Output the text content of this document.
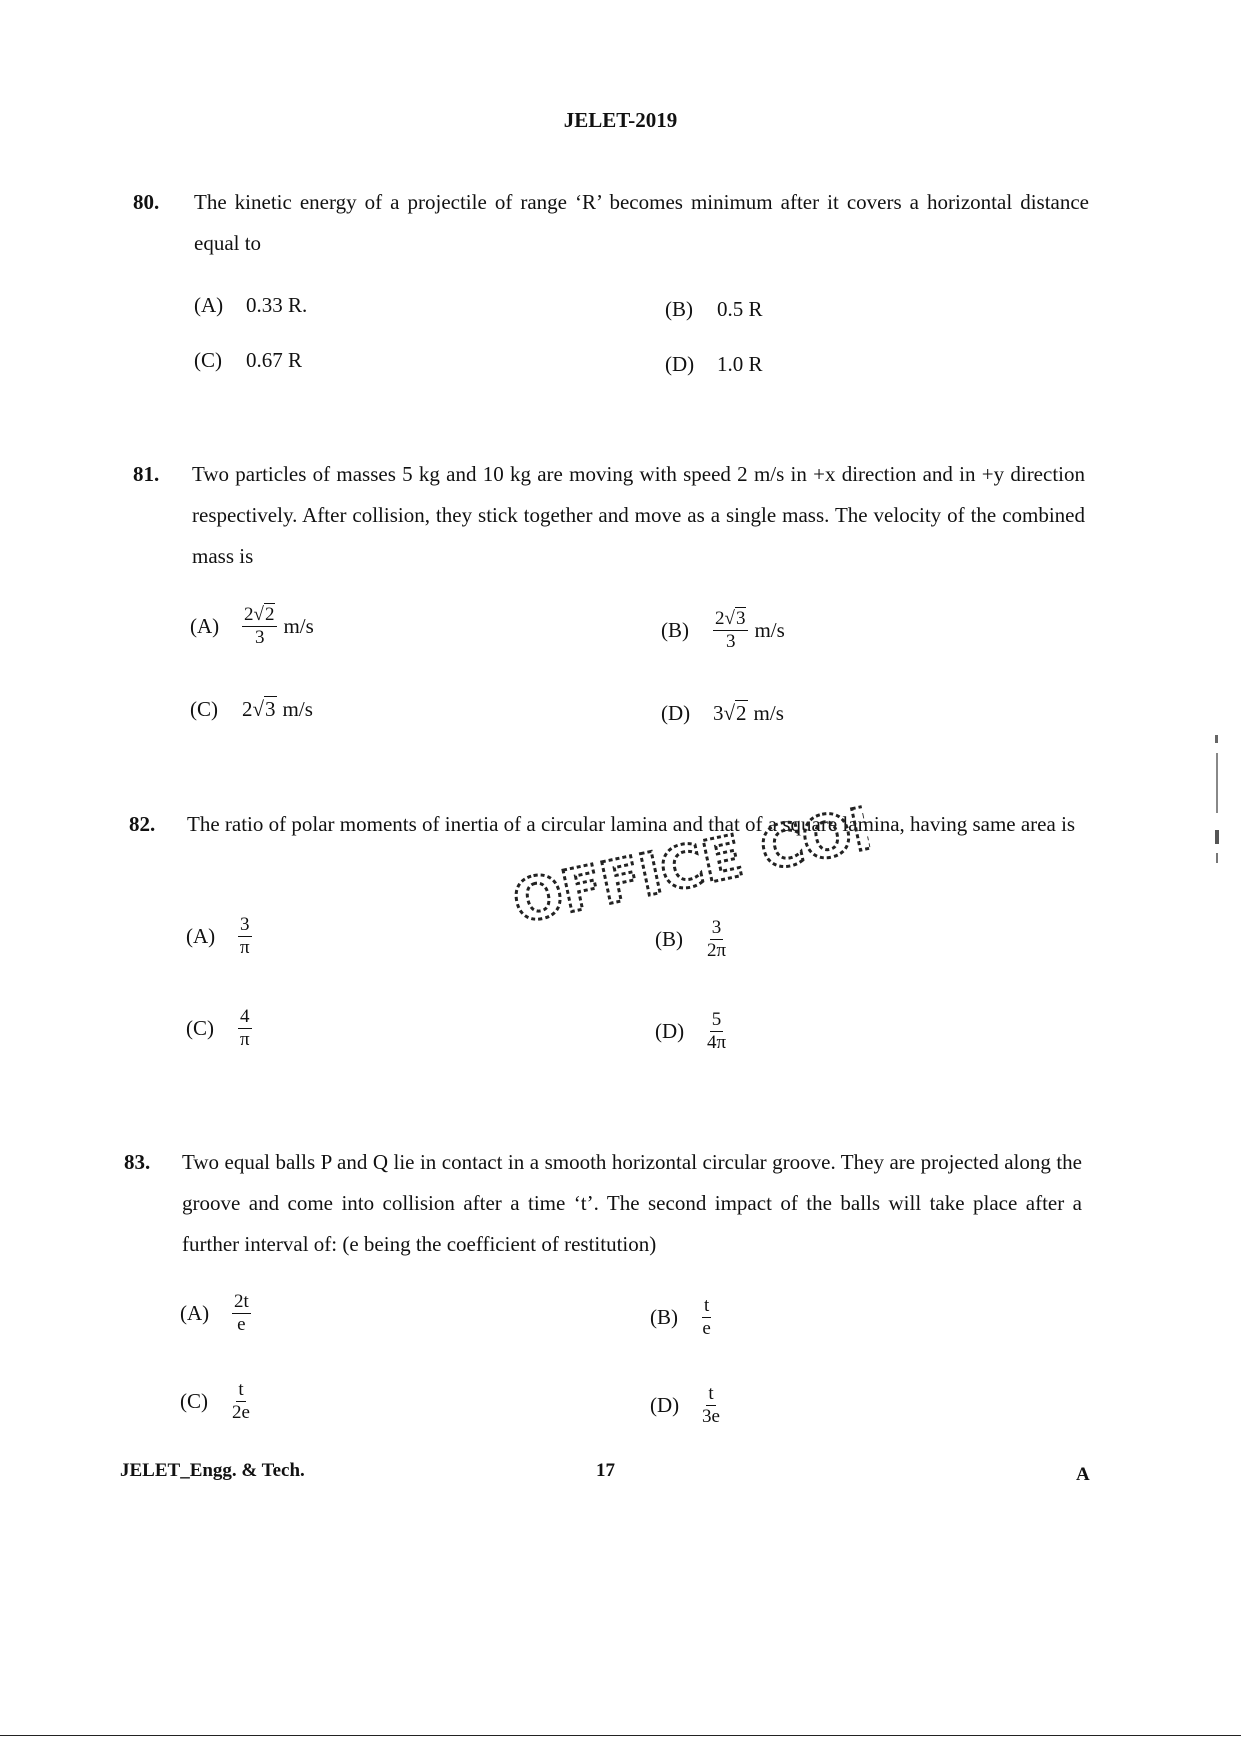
JELET-2019
80. The kinetic energy of a projectile of range ‘R’ becomes minimum after it covers a horizontal distance equal to
(A)	0.33 R.	(B)	0.5 R
(C)	0.67 R	(D)	1.0 R
81. Two particles of masses 5 kg and 10 kg are moving with speed 2 m/s in +x direction and in +y direction respectively. After collision, they stick together and move as a single mass. The velocity of the combined mass is
(A)	$\frac{2√2}{3} m/s$	(B)	$\frac{2√3}{3} m/s$
(C)	2 √3 m/s	(D)	3 √2 m/s
82. The ratio of polar moments of inertia of a circular lamina and that of a square lamina, having same area is
(A)	$\frac{3}{\pi}$	(B)	$\frac{3}{2\pi}$
(C)	$\frac{4}{\pi}$	(D)	$\frac{5}{4\pi}$
83. Two equal balls P and Q lie in contact in a smooth horizontal circular groove. They are projected along the groove and come into collision after a time ‘t’. The second impact of the balls will take place after a further interval of: (e being the coefficient of restitution)
(A)	$\frac{2t}{e}$	(B)	$\frac{t}{e}$
(C)	$\frac{t}{2e}$	(D)	$\frac{t}{3e}$
OFFICE COPY
JELET_Engg. & Tech.	17	A
